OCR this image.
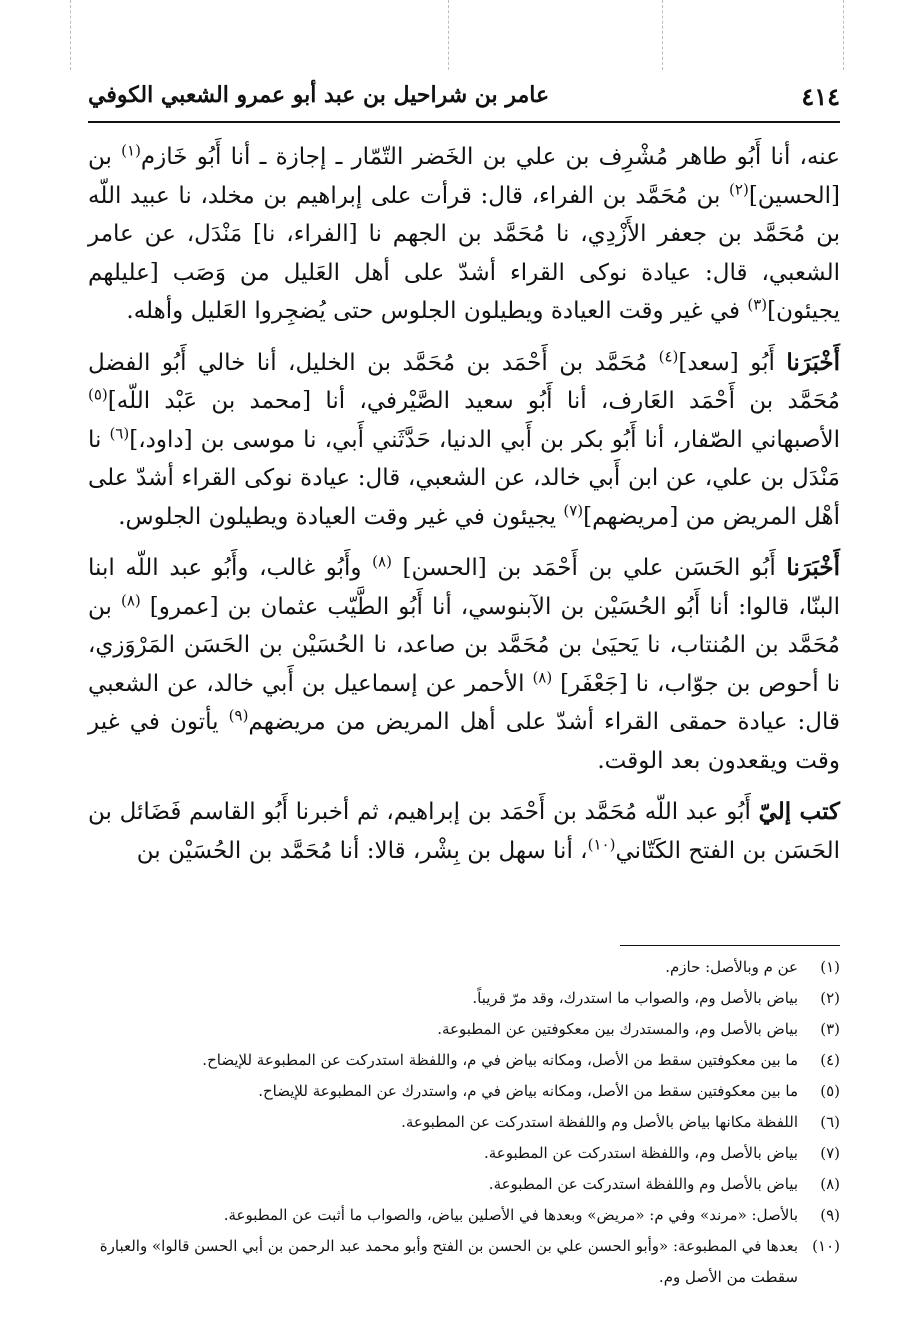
٤١٤
عامر بن شراحيل بن عبد أبو عمرو الشعبي الكوفي

عنه، أنا أَبُو طاهر مُشْرِف بن علي بن الخَضر التّمّار ـ إجازة ـ أنا أَبُو خَازم$^{(١)}$ بن [الحسين]$^{(٢)}$ بن مُحَمَّد بن الفراء، قال: قرأت على إبراهيم بن مخلد، نا عبيد اللّه بن مُحَمَّد بن جعفر الأَزْدِي، نا مُحَمَّد بن الجهم نا [الفراء، نا] مَنْدَل، عن عامر الشعبي، قال: عيادة نوكى القراء أشدّ على أهل العَليل من وَصَب [عليلهم يجيئون]$^{(٣)}$ في غير وقت العيادة ويطيلون الجلوس حتى يُضجِروا العَليل وأهله.

أَخْبَرَنا أَبُو [سعد]$^{(٤)}$ مُحَمَّد بن أَحْمَد بن مُحَمَّد بن الخليل، أنا خالي أَبُو الفضل مُحَمَّد بن أَحْمَد العَارف، أنا أَبُو سعيد الصَّيْرفي، أنا [محمد بن عَبْد اللّه]$^{(٥)}$ الأصبهاني الصّفار، أنا أَبُو بكر بن أَبي الدنيا، حَدَّثَني أَبي، نا موسى بن [داود،]$^{(٦)}$ نا مَنْدَل بن علي، عن ابن أَبي خالد، عن الشعبي، قال: عيادة نوكى القراء أشدّ على أهْل المريض من [مريضهم]$^{(٧)}$ يجيئون في غير وقت العيادة ويطيلون الجلوس.

أَخْبَرَنا أَبُو الحَسَن علي بن أَحْمَد بن [الحسن] $^{(٨)}$ وأَبُو غالب، وأَبُو عبد اللّه ابنا البنّا، قالوا: أنا أَبُو الحُسَيْن بن الآبنوسي، أنا أَبُو الطَّيّب عثمان بن [عمرو] $^{(٨)}$ بن مُحَمَّد بن المُنتاب، نا يَحيَىٰ بن مُحَمَّد بن صاعد، نا الحُسَيْن بن الحَسَن المَرْوَزي، نا أحوص بن جوّاب، نا [جَعْفَر] $^{(٨)}$ الأحمر عن إسماعيل بن أَبي خالد، عن الشعبي قال: عيادة حمقى القراء أشدّ على أهل المريض من مريضهم$^{(٩)}$ يأتون في غير وقت ويقعدون بعد الوقت.

كتب إليّ أَبُو عبد اللّه مُحَمَّد بن أَحْمَد بن إبراهيم، ثم أخبرنا أَبُو القاسم فَضَائل بن الحَسَن بن الفتح الكَتّاني$^{(١٠)}$، أنا سهل بن بِشْر، قالا: أنا مُحَمَّد بن الحُسَيْن بن

(١)
عن م وبالأصل: حازم.
(٢)
بياض بالأصل وم، والصواب ما استدرك، وقد مرّ قريباً.
(٣)
بياض بالأصل وم، والمستدرك بين معكوفتين عن المطبوعة.
(٤)
ما بين معكوفتين سقط من الأصل، ومكانه بياض في م، واللفظة استدركت عن المطبوعة للإيضاح.
(٥)
ما بين معكوفتين سقط من الأصل، ومكانه بياض في م، واستدرك عن المطبوعة للإيضاح.
(٦)
اللفظة مكانها بياض بالأصل وم واللفظة استدركت عن المطبوعة.
(٧)
بياض بالأصل وم، واللفظة استدركت عن المطبوعة.
(٨)
بياض بالأصل وم واللفظة استدركت عن المطبوعة.
(٩)
بالأصل: «مرند» وفي م: «مريض» وبعدها في الأصلين بياض، والصواب ما أثبت عن المطبوعة.
(١٠)
بعدها في المطبوعة: «وأبو الحسن علي بن الحسن بن الفتح وأبو محمد عبد الرحمن بن أبي الحسن قالوا» والعبارة سقطت من الأصل وم.
